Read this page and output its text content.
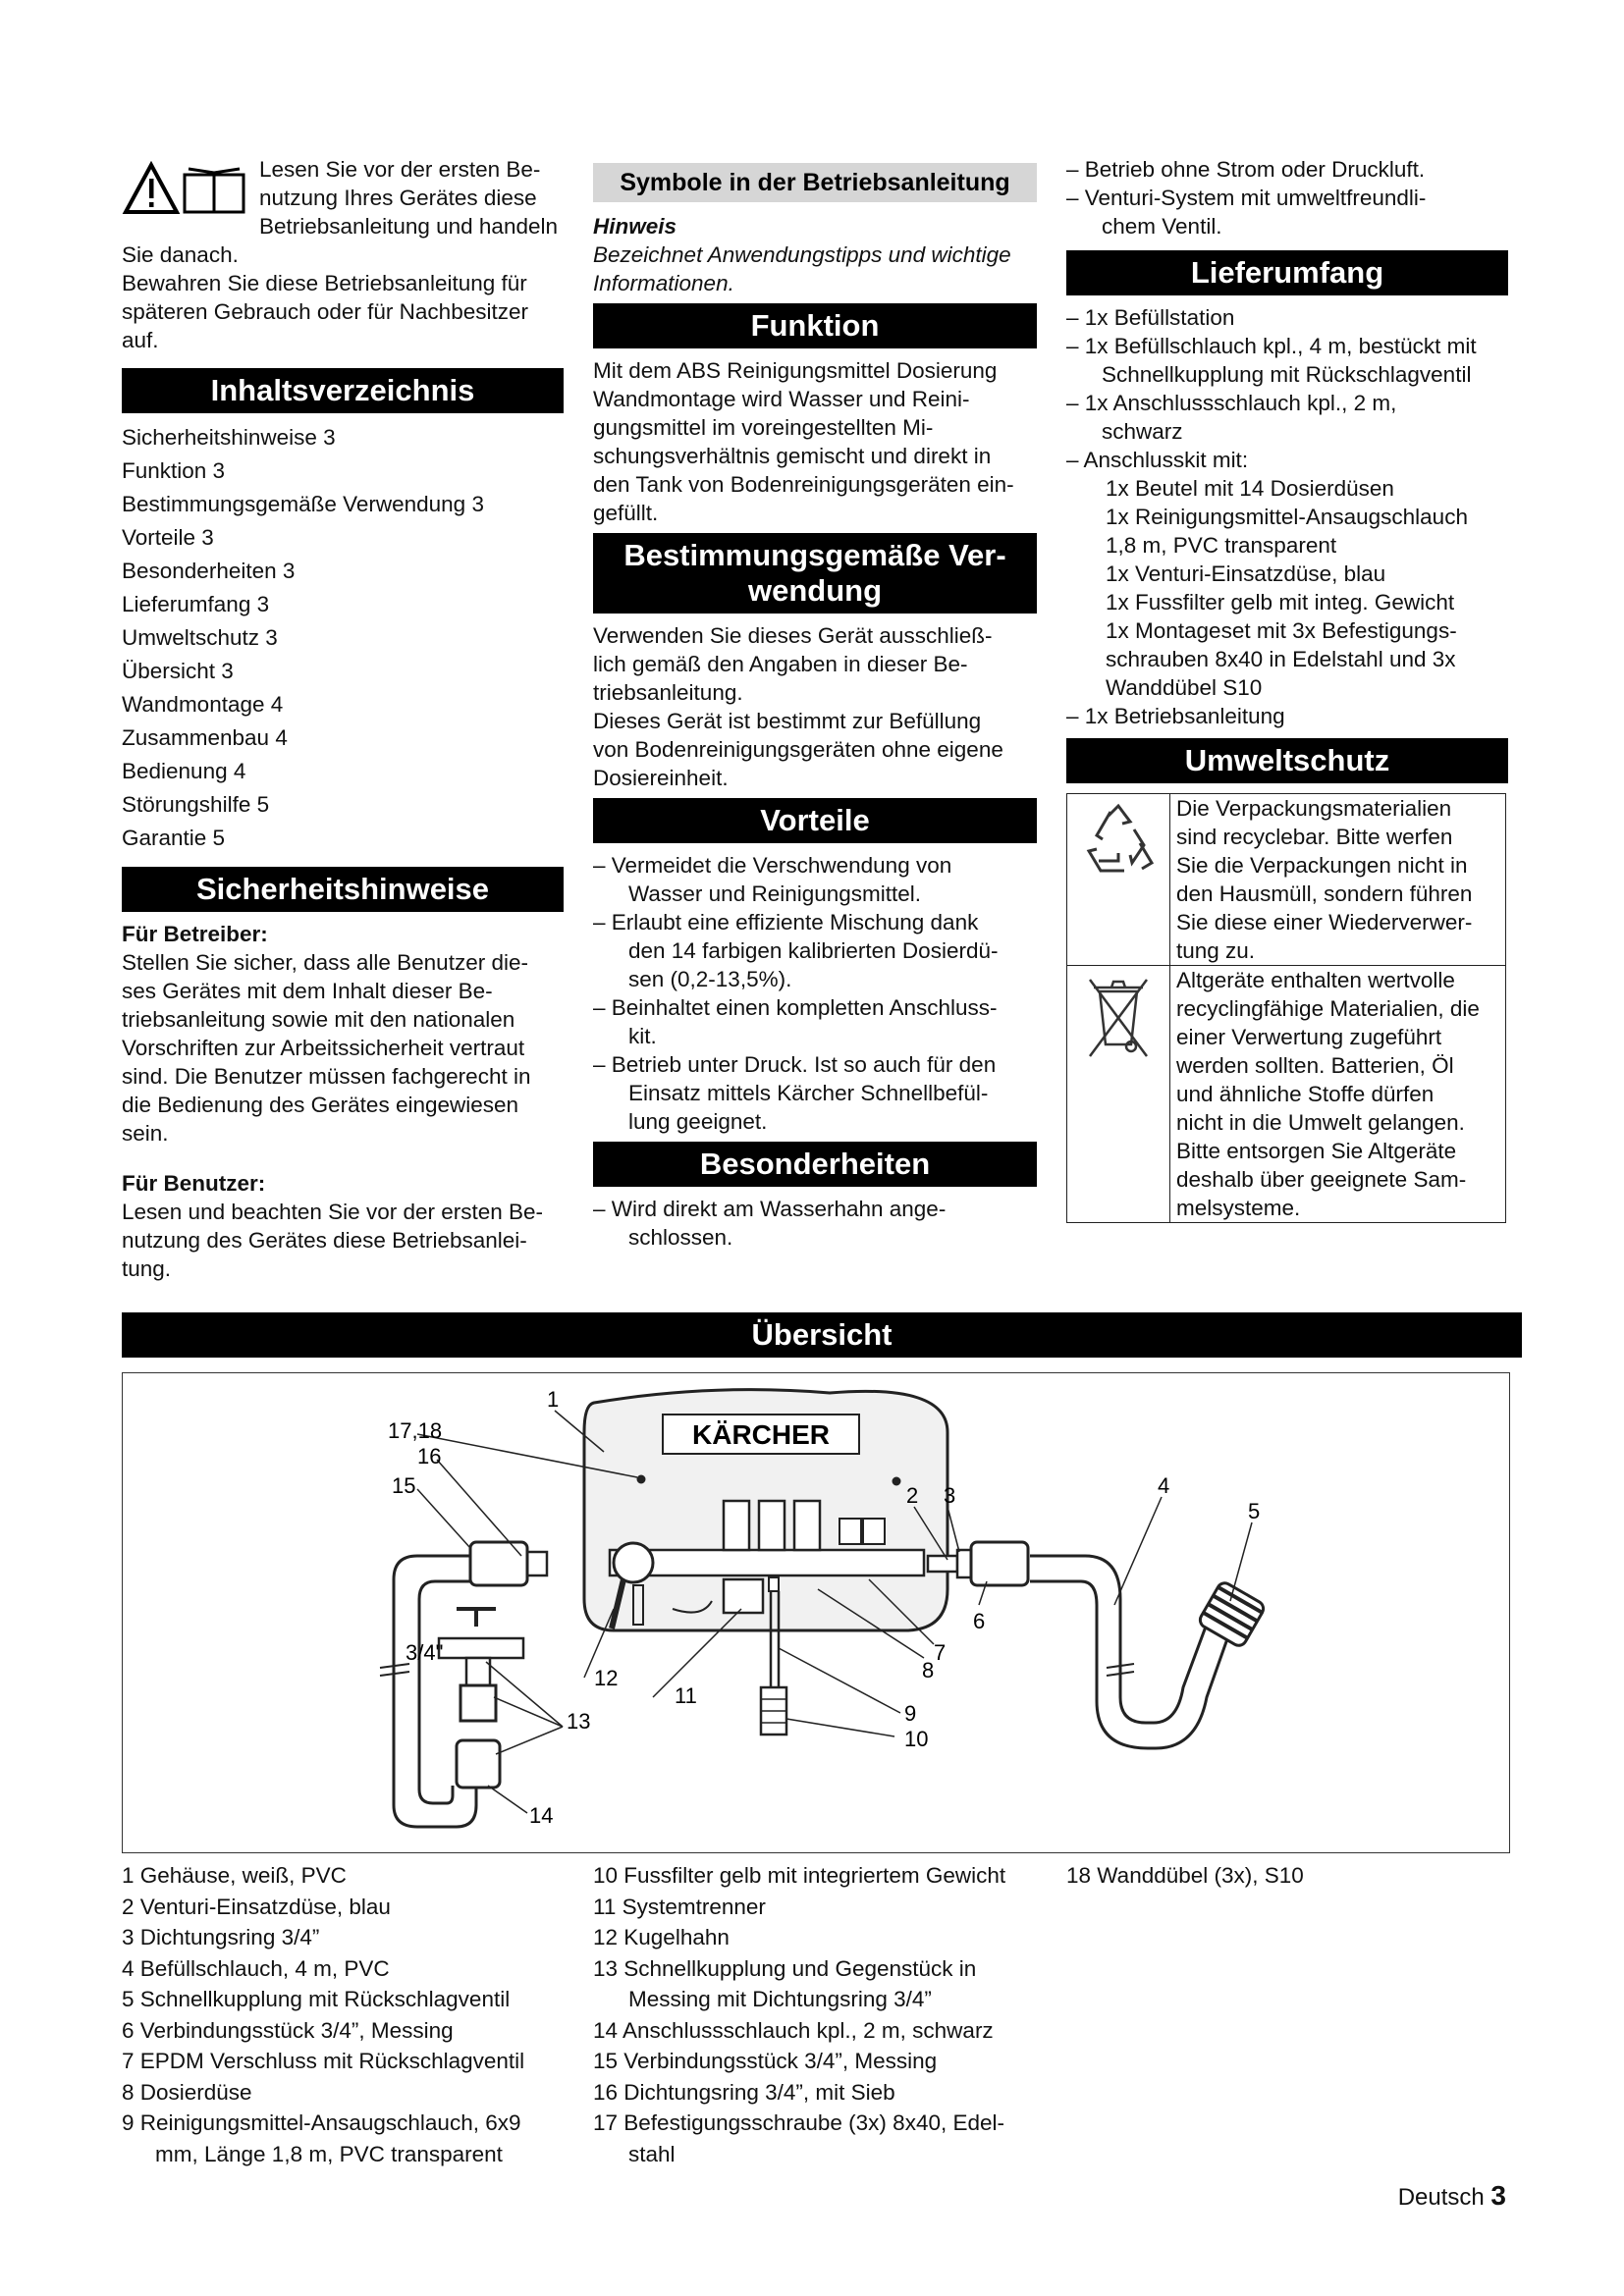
Lesen Sie vor der ersten Be-
nutzung Ihres Gerätes diese
Betriebsanleitung und handeln Sie danach.
Bewahren Sie diese Betriebsanleitung für
späteren Gebrauch oder für Nachbesitzer
auf.
Inhaltsverzeichnis
Sicherheitshinweise 3
Funktion 3
Bestimmungsgemäße Verwendung 3
Vorteile 3
Besonderheiten 3
Lieferumfang 3
Umweltschutz 3
Übersicht 3
Wandmontage 4
Zusammenbau 4
Bedienung 4
Störungshilfe 5
Garantie 5
Sicherheitshinweise
Für Betreiber:
Stellen Sie sicher, dass alle Benutzer die-
ses Gerätes mit dem Inhalt dieser Be-
triebsanleitung sowie mit den nationalen
Vorschriften zur Arbeitssicherheit vertraut
sind. Die Benutzer müssen fachgerecht in
die Bedienung des Gerätes eingewiesen
sein.
Für Benutzer:
Lesen und beachten Sie vor der ersten Be-
nutzung des Gerätes diese Betriebsanlei-
tung.
Symbole in der Betriebsanleitung
Hinweis
Bezeichnet Anwendungstipps und wichtige
Informationen.
Funktion
Mit dem ABS Reinigungsmittel Dosierung
Wandmontage wird Wasser und Reini-
gungsmittel im voreingestellten Mi-
schungsverhältnis gemischt und direkt in
den Tank von Bodenreinigungsgeräten ein-
gefüllt.
Bestimmungsgemäße Ver-
wendung
Verwenden Sie dieses Gerät ausschließ-
lich gemäß den Angaben in dieser Be-
triebsanleitung.
Dieses Gerät ist bestimmt zur Befüllung
von Bodenreinigungsgeräten ohne eigene
Dosiereinheit.
Vorteile
– Vermeidet die Verschwendung von
Wasser und Reinigungsmittel.
– Erlaubt eine effiziente Mischung dank
den 14 farbigen kalibrierten Dosierdü-
sen (0,2-13,5%).
– Beinhaltet einen kompletten Anschluss-
kit.
– Betrieb unter Druck. Ist so auch für den
Einsatz mittels Kärcher Schnellbefül-
lung geeignet.
Besonderheiten
– Wird direkt am Wasserhahn ange-
schlossen.
– Betrieb ohne Strom oder Druckluft.
– Venturi-System mit umweltfreundli-
chem Ventil.
Lieferumfang
– 1x Befüllstation
– 1x Befüllschlauch kpl., 4 m, bestückt mit
Schnellkupplung mit Rückschlagventil
– 1x Anschlussschlauch kpl., 2 m,
schwarz
– Anschlusskit mit:
1x Beutel mit 14 Dosierdüsen
1x Reinigungsmittel-Ansaugschlauch
1,8 m, PVC transparent
1x Venturi-Einsatzdüse, blau
1x Fussfilter gelb mit integ. Gewicht
1x Montageset mit 3x Befestigungs-
schrauben 8x40 in Edelstahl und 3x
Wanddübel S10
– 1x Betriebsanleitung
Umweltschutz
Die Verpackungsmaterialien
sind recyclebar. Bitte werfen
Sie die Verpackungen nicht in
den Hausmüll, sondern führen
Sie diese einer Wiederverwer-
tung zu.
Altgeräte enthalten wertvolle
recyclingfähige Materialien, die
einer Verwertung zugeführt
werden sollten. Batterien, Öl
und ähnliche Stoffe dürfen
nicht in die Umwelt gelangen.
Bitte entsorgen Sie Altgeräte
deshalb über geeignete Sam-
melsysteme.
Übersicht
KÄRCHER
1
17,18
16
15	2 3	4
5
6
7
8
9
10
11
12
13
14
3/4"
1 Gehäuse, weiß, PVC
2 Venturi-Einsatzdüse, blau
3 Dichtungsring 3/4”
4 Befüllschlauch, 4 m, PVC
5 Schnellkupplung mit Rückschlagventil
6 Verbindungsstück 3/4”, Messing
7 EPDM Verschluss mit Rückschlagventil
8 Dosierdüse
9 Reinigungsmittel-Ansaugschlauch, 6x9
mm, Länge 1,8 m, PVC transparent
10 Fussfilter gelb mit integriertem Gewicht
11 Systemtrenner
12 Kugelhahn
13 Schnellkupplung und Gegenstück in
Messing mit Dichtungsring 3/4”
14 Anschlussschlauch kpl., 2 m, schwarz
15 Verbindungsstück 3/4”, Messing
16 Dichtungsring 3/4”, mit Sieb
17 Befestigungsschraube (3x) 8x40, Edel-
stahl
18 Wanddübel (3x), S10
Deutsch 3
